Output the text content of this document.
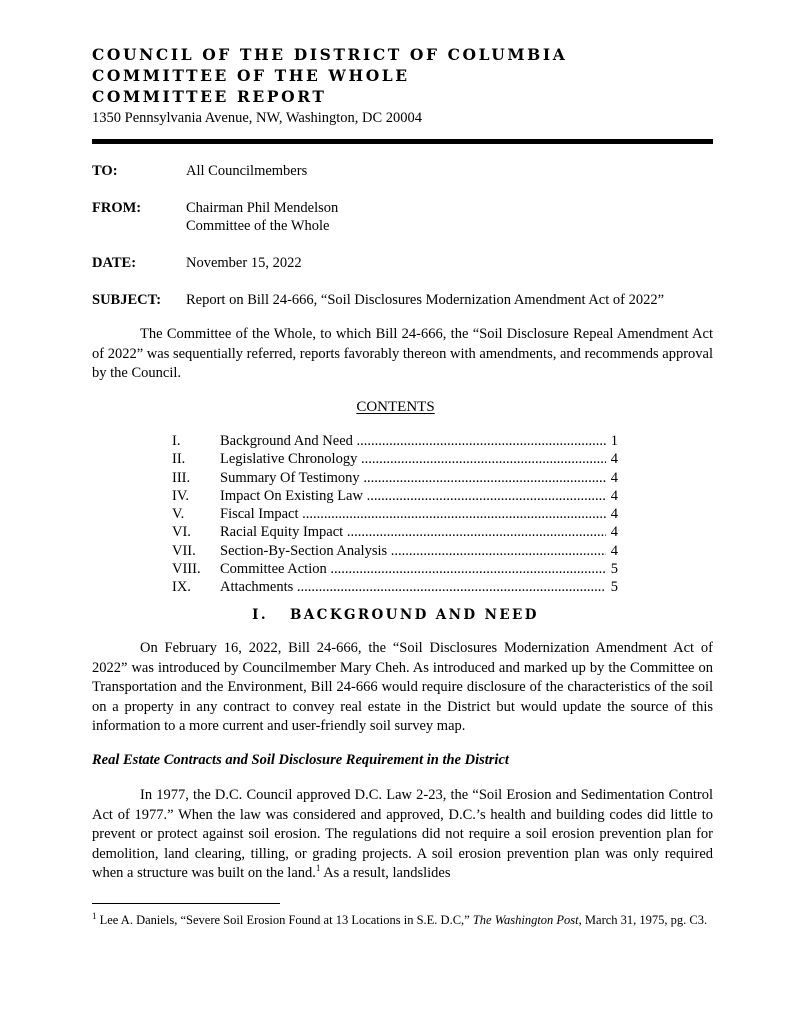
COUNCIL OF THE DISTRICT OF COLUMBIA
COMMITTEE OF THE WHOLE
COMMITTEE REPORT
1350 Pennsylvania Avenue, NW, Washington, DC 20004
TO:	All Councilmembers
FROM:	Chairman Phil Mendelson
Committee of the Whole
DATE:	November 15, 2022
SUBJECT:	Report on Bill 24-666, “Soil Disclosures Modernization Amendment Act of 2022”

The Committee of the Whole, to which Bill 24-666, the “Soil Disclosure Repeal Amendment Act of 2022” was sequentially referred, reports favorably thereon with amendments, and recommends approval by the Council.

CONTENTS
I.	Background And Need .....	1
II.	Legislative Chronology .....	4
III.	Summary Of Testimony .....	4
IV.	Impact On Existing Law .....	4
V.	Fiscal Impact .....	4
VI.	Racial Equity Impact .....	4
VII.	Section-By-Section Analysis .....	4
VIII.	Committee Action .....	5
IX.	Attachments .....	5
I. BACKGROUND AND NEED

On February 16, 2022, Bill 24-666, the “Soil Disclosures Modernization Amendment Act of 2022” was introduced by Councilmember Mary Cheh. As introduced and marked up by the Committee on Transportation and the Environment, Bill 24-666 would require disclosure of the characteristics of the soil on a property in any contract to convey real estate in the District but would update the source of this information to a more current and user-friendly soil survey map.

Real Estate Contracts and Soil Disclosure Requirement in the District

In 1977, the D.C. Council approved D.C. Law 2-23, the “Soil Erosion and Sedimentation Control Act of 1977.” When the law was considered and approved, D.C.’s health and building codes did little to prevent or protect against soil erosion. The regulations did not require a soil erosion prevention plan for demolition, land clearing, tilling, or grading projects. A soil erosion prevention plan was only required when a structure was built on the land.$^1$ As a result, landslides

$^1$ Lee A. Daniels, “Severe Soil Erosion Found at 13 Locations in S.E. D.C,” The Washington Post, March 31, 1975, pg. C3.
